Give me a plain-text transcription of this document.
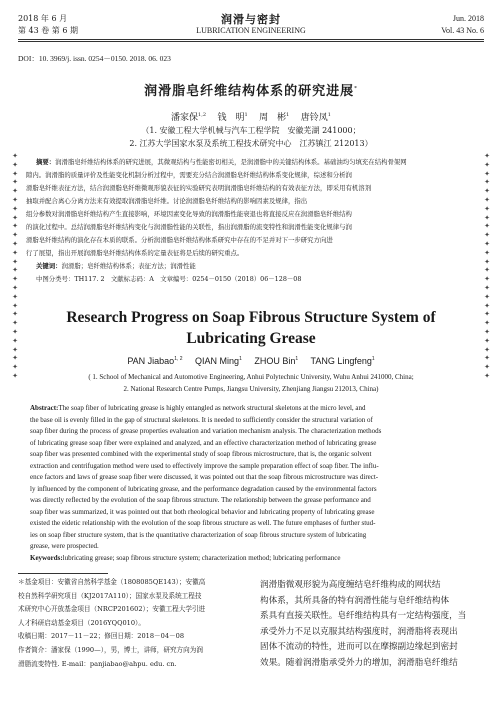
2018 年 6 月
第 43 卷 第 6 期
润滑与密封
LUBRICATION ENGINEERING
Jun. 2018
Vol. 43 No. 6
DOI：10. 3969/j. issn. 0254－0150. 2018. 06. 023
润滑脂皂纤维结构体系的研究进展*
潘家保$^{1,2}$ 钱　明$^1$ 周　彬$^1$ 唐铃凤$^1$
（1. 安徽工程大学机械与汽车工程学院　安徽芜湖 241000；
2. 江苏大学国家水泵及系统工程技术研究中心　江苏镇江 212013）
✦
✦
✦
✦
✦
✦
✦
✦
✦
✦
✦
✦
✦
✦
✦
✦
✦
✦
✦
✦
✦
✦
✦
✦
✦
✦
✦
✦
✦
✦
✦
✦
✦
✦
✦
✦
✦
✦
✦
✦
✦
✦
✦
✦
✦
✦
✦
✦
✦
✦
✦
✦
摘要：润滑脂皂纤维结构体系的研究进展，其微观结构与性能密切相关，是润滑脂中的关键结构体系。基础油均匀填充在结构骨架网
隙内。润滑脂的质量评价及性能变化机制分析过程中，需要充分结合润滑脂皂纤维结构体系变化规律，综述和分析润
滑脂皂纤维表征方法，结合润滑脂皂纤维微观形貌表征的实验研究表明润滑脂皂纤维结构的有效表征方法，即采用有机溶剂
抽取并配合离心分离方法来有效提取润滑脂皂纤维。讨论润滑脂皂纤维结构的影响因素及规律，指出
组分参数对润滑脂皂纤维结构产生直接影响，环境因素变化导致的润滑脂性能衰退也将直接反应在润滑脂皂纤维结构
的演化过程中。总结润滑脂皂纤维结构变化与润滑脂性能的关联性，指出润滑脂的流变特性和润滑性能变化规律与润
滑脂皂纤维结构的演化存在本质的联系。分析润滑脂皂纤维结构体系研究中存在的不足并对下一步研究方向进
行了展望，指出开展润滑脂皂纤维结构体系的定量表征将是后续的研究重点。
关键词：润滑脂；皂纤维结构体系；表征方法；润滑性能
中图分类号：TH117. 2　文献标志码：A　文章编号：0254－0150（2018）06－128－08
Research Progress on Soap Fibrous Structure System of
Lubricating Grease
PAN Jiabao$^{1, 2}$ QIAN Ming$^1$ ZHOU Bin$^1$ TANG Lingfeng$^1$
( 1. School of Mechanical and Automotive Engineering, Anhui Polytechnic University, Wuhu Anhui 241000, China;
2. National Research Centre Pumps, Jiangsu University, Zhenjiang Jiangsu 212013, China)
Abstract:The soap fiber of lubricating grease is highly entangled as network structural skeletons at the micro level, and
the base oil is evenly filled in the gap of structural skeletons. It is needed to sufficiently consider the structural variation of
soap fiber during the process of grease properties evaluation and variation mechanism analysis. The characterization methods
of lubricating grease soap fiber were explained and analyzed, and an effective characterization method of lubricating grease
soap fiber was presented combined with the experimental study of soap fibrous microstructure, that is, the organic solvent
extraction and centrifugation method were used to effectively improve the sample preparation effect of soap fiber. The influ-
ence factors and laws of grease soap fiber were discussed, it was pointed out that the soap fibrous microstructure was direct-
ly influenced by the component of lubricating grease, and the performance degradation caused by the environmental factors
was directly reflected by the evolution of the soap fibrous structure. The relationship between the grease performance and
soap fiber was summarized, it was pointed out that both rheological behavior and lubricating property of lubricating grease
existed the eidetic relationship with the evolution of the soap fibrous structure as well. The future emphases of further stud-
ies on soap fiber structure system, that is the quantitative characterization of soap fibrous structure system of lubricating
grease, were prospected.
Keywords:lubricating grease; soap fibrous structure system; characterization method; lubricating performance
＊基金项目：安徽省自然科学基金（1808085QE143）；安徽高
校自然科学研究项目（KJ2017A110）；国家水泵及系统工程技
术研究中心开放基金项目（NRCP201602）；安徽工程大学引进
人才科研启动基金项目（2016YQQ010）。
收稿日期：2017－11－22；修回日期：2018－04－08
作者简介：潘家保（1990—），男，博士，讲师，研究方向为润
滑脂流变特性. E-mail：panjiabao@ahpu. edu. cn.
润滑脂微观形貌为高度缠结皂纤维构成的网状结
构体系，其所具备的特有润滑性能与皂纤维结构体
系具有直接关联性。皂纤维结构具有一定结构强度，当
承受外力不足以克服其结构强度时，润滑脂将表现出
固体不流动的特性，进而可以在摩擦副边缘起到密封
效果。随着润滑脂承受外力的增加，润滑脂皂纤维结
